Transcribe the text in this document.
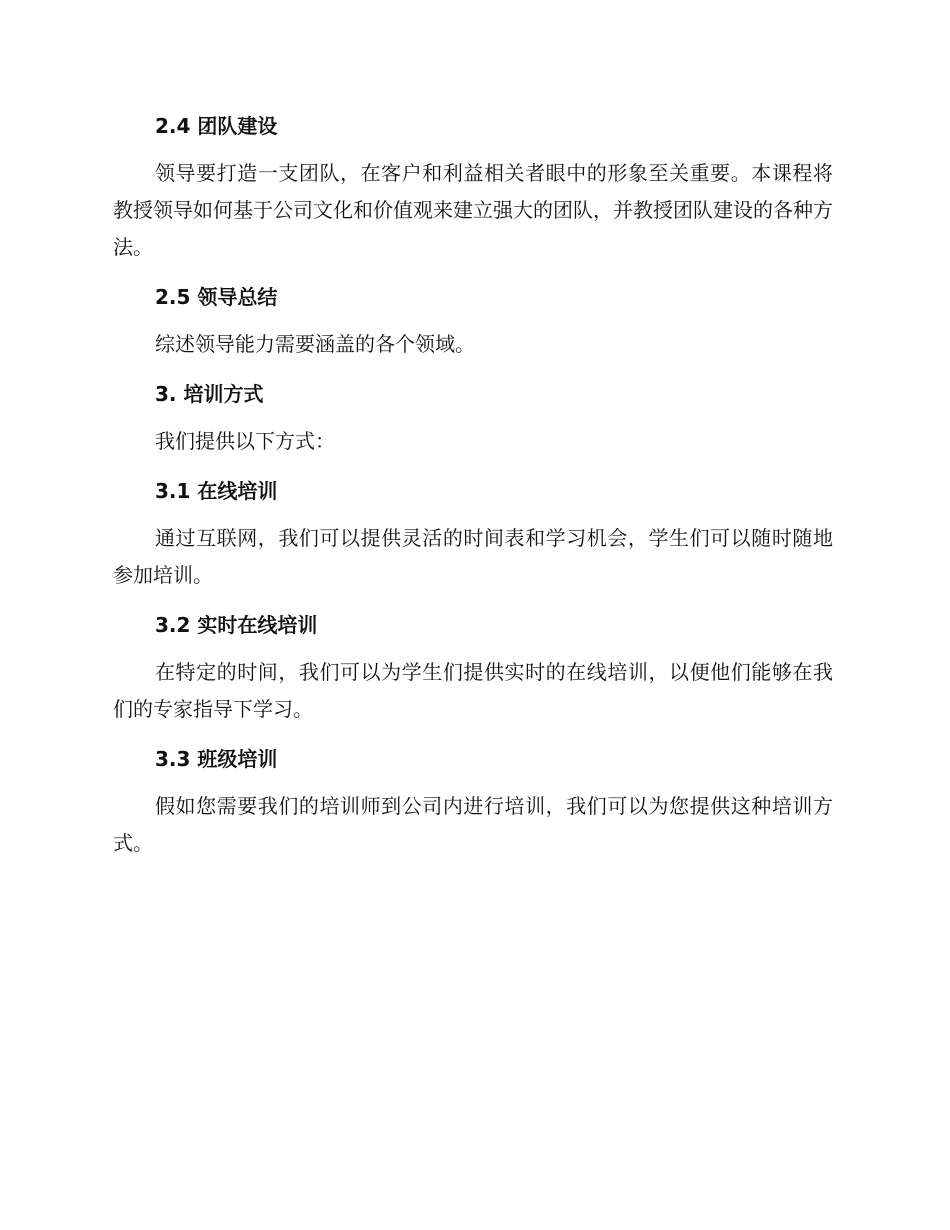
2.4 团队建设

领导要打造一支团队，在客户和利益相关者眼中的形象至关重要。本课程将教授领导如何基于公司文化和价值观来建立强大的团队，并教授团队建设的各种方法。

2.5 领导总结

综述领导能力需要涵盖的各个领域。

3. 培训方式

我们提供以下方式：

3.1 在线培训

通过互联网，我们可以提供灵活的时间表和学习机会，学生们可以随时随地参加培训。

3.2 实时在线培训

在特定的时间，我们可以为学生们提供实时的在线培训，以便他们能够在我们的专家指导下学习。

3.3 班级培训

假如您需要我们的培训师到公司内进行培训，我们可以为您提供这种培训方式。
